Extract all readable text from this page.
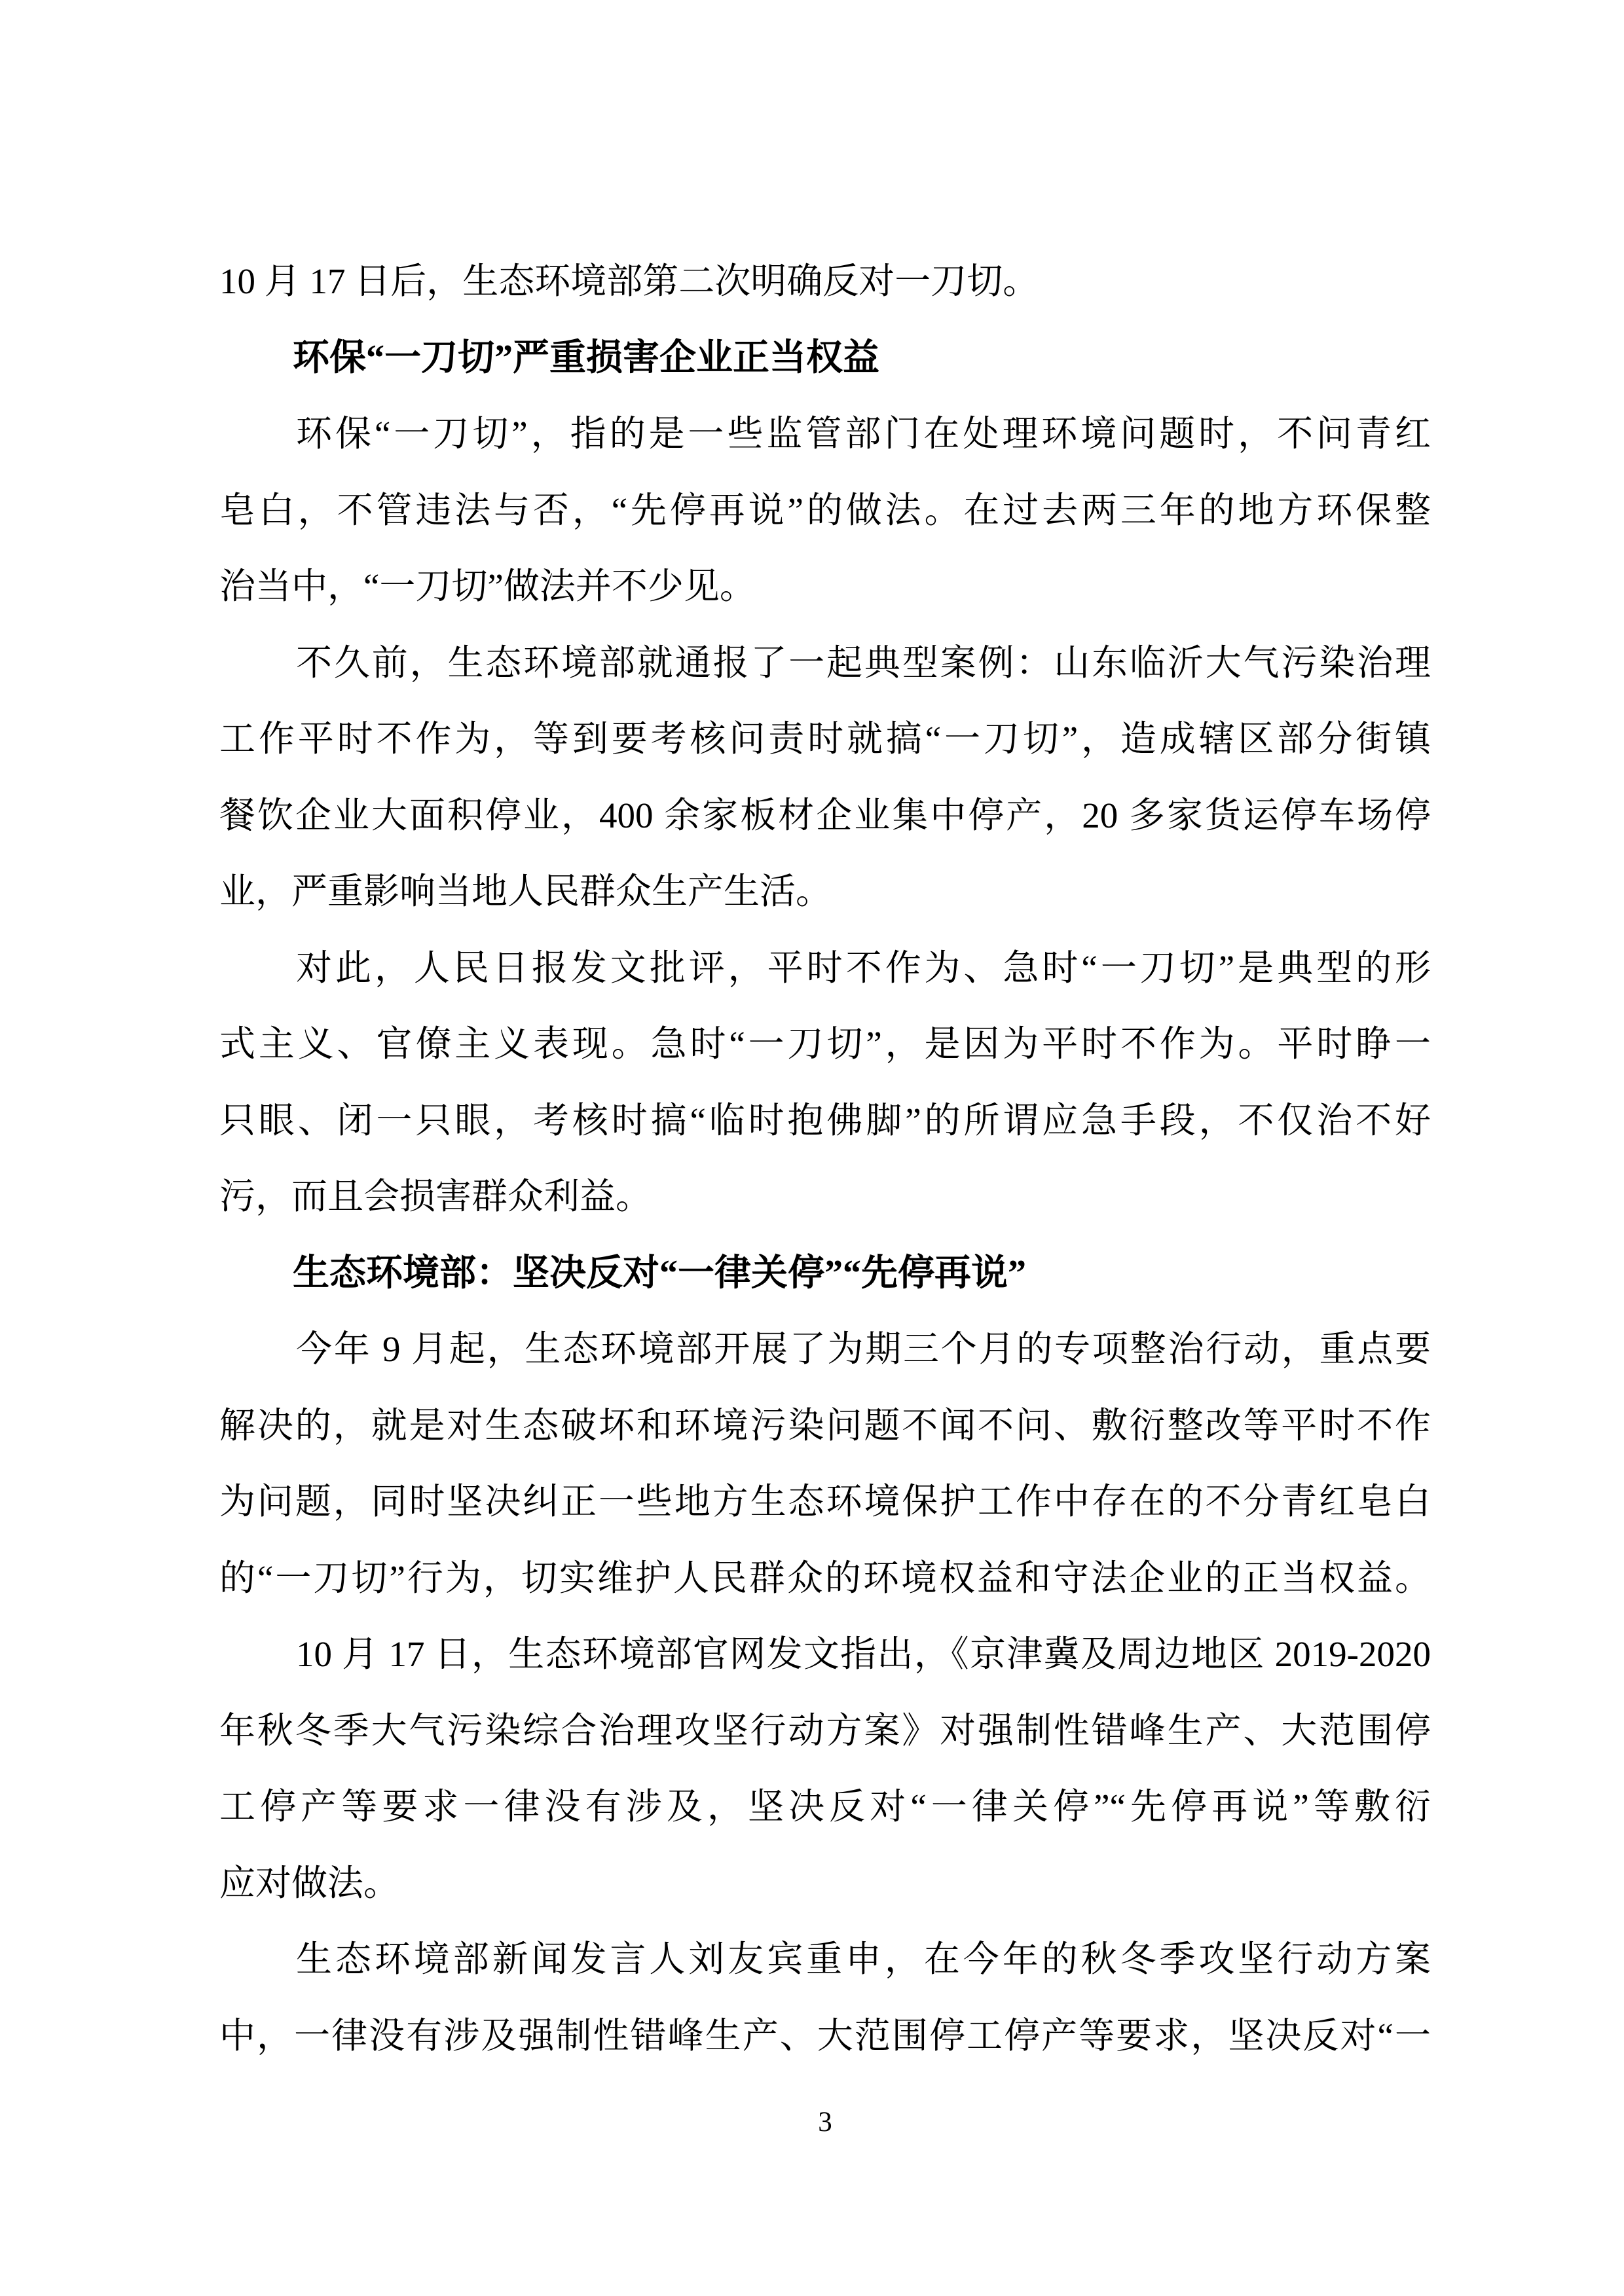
10 月 17 日后，生态环境部第二次明确反对一刀切。
环保“一刀切”严重损害企业正当权益
环保“一刀切”，指的是一些监管部门在处理环境问题时，不问青红
皂白，不管违法与否，“先停再说”的做法。在过去两三年的地方环保整
治当中，“一刀切”做法并不少见。
不久前，生态环境部就通报了一起典型案例：山东临沂大气污染治理
工作平时不作为，等到要考核问责时就搞“一刀切”，造成辖区部分街镇
餐饮企业大面积停业，400 余家板材企业集中停产，20 多家货运停车场停
业，严重影响当地人民群众生产生活。
对此，人民日报发文批评，平时不作为、急时“一刀切”是典型的形
式主义、官僚主义表现。急时“一刀切”，是因为平时不作为。平时睁一
只眼、闭一只眼，考核时搞“临时抱佛脚”的所谓应急手段，不仅治不好
污，而且会损害群众利益。
生态环境部：坚决反对“一律关停”“先停再说”
今年 9 月起，生态环境部开展了为期三个月的专项整治行动，重点要
解决的，就是对生态破坏和环境污染问题不闻不问、敷衍整改等平时不作
为问题，同时坚决纠正一些地方生态环境保护工作中存在的不分青红皂白
的“一刀切”行为，切实维护人民群众的环境权益和守法企业的正当权益。
10 月 17 日，生态环境部官网发文指出，《京津冀及周边地区 2019-2020
年秋冬季大气污染综合治理攻坚行动方案》对强制性错峰生产、大范围停
工停产等要求一律没有涉及，坚决反对“一律关停”“先停再说”等敷衍
应对做法。
生态环境部新闻发言人刘友宾重申，在今年的秋冬季攻坚行动方案
中，一律没有涉及强制性错峰生产、大范围停工停产等要求，坚决反对“一
3
